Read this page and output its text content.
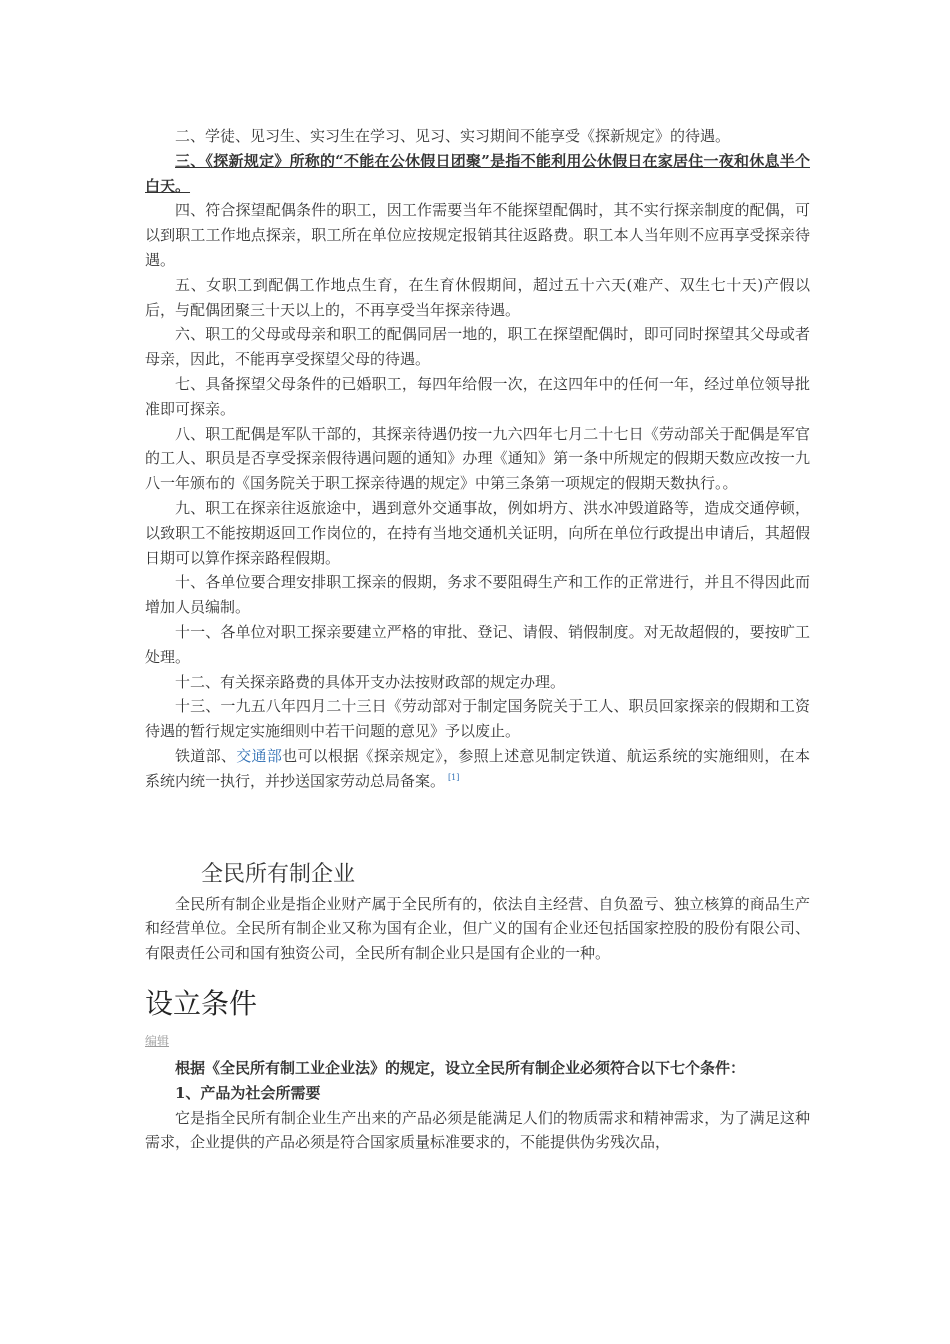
二、学徒、见习生、实习生在学习、见习、实习期间不能享受《探新规定》的待遇。

三、《探新规定》所称的“不能在公休假日团聚”是指不能利用公休假日在家居住一夜和休息半个白天。

四、符合探望配偶条件的职工，因工作需要当年不能探望配偶时，其不实行探亲制度的配偶，可以到职工工作地点探亲，职工所在单位应按规定报销其往返路费。职工本人当年则不应再享受探亲待遇。

五、女职工到配偶工作地点生育，在生育休假期间，超过五十六天(难产、双生七十天)产假以后，与配偶团聚三十天以上的，不再享受当年探亲待遇。

六、职工的父母或母亲和职工的配偶同居一地的，职工在探望配偶时，即可同时探望其父母或者母亲，因此，不能再享受探望父母的待遇。

七、具备探望父母条件的已婚职工，每四年给假一次，在这四年中的任何一年，经过单位领导批准即可探亲。

八、职工配偶是军队干部的，其探亲待遇仍按一九六四年七月二十七日《劳动部关于配偶是军官的工人、职员是否享受探亲假待遇问题的通知》办理《通知》第一条中所规定的假期天数应改按一九八一年颁布的《国务院关于职工探亲待遇的规定》中第三条第一项规定的假期天数执行。。

九、职工在探亲往返旅途中，遇到意外交通事故，例如坍方、洪水冲毁道路等，造成交通停顿，以致职工不能按期返回工作岗位的，在持有当地交通机关证明，向所在单位行政提出申请后，其超假日期可以算作探亲路程假期。

十、各单位要合理安排职工探亲的假期，务求不要阻碍生产和工作的正常进行，并且不得因此而增加人员编制。

十一、各单位对职工探亲要建立严格的审批、登记、请假、销假制度。对无故超假的，要按旷工处理。

十二、有关探亲路费的具体开支办法按财政部的规定办理。

十三、一九五八年四月二十三日《劳动部对于制定国务院关于工人、职员回家探亲的假期和工资待遇的暂行规定实施细则中若干问题的意见》予以废止。

铁道部、交通部也可以根据《探亲规定》，参照上述意见制定铁道、航运系统的实施细则，在本系统内统一执行，并抄送国家劳动总局备案。 [1]

全民所有制企业

全民所有制企业是指企业财产属于全民所有的，依法自主经营、自负盈亏、独立核算的商品生产和经营单位。全民所有制企业又称为国有企业，但广义的国有企业还包括国家控股的股份有限公司、有限责任公司和国有独资公司，全民所有制企业只是国有企业的一种。

设立条件
编辑

根据《全民所有制工业企业法》的规定，设立全民所有制企业必须符合以下七个条件：

1、产品为社会所需要

它是指全民所有制企业生产出来的产品必须是能满足人们的物质需求和精神需求，为了满足这种需求，企业提供的产品必须是符合国家质量标准要求的，不能提供伪劣残次品，
